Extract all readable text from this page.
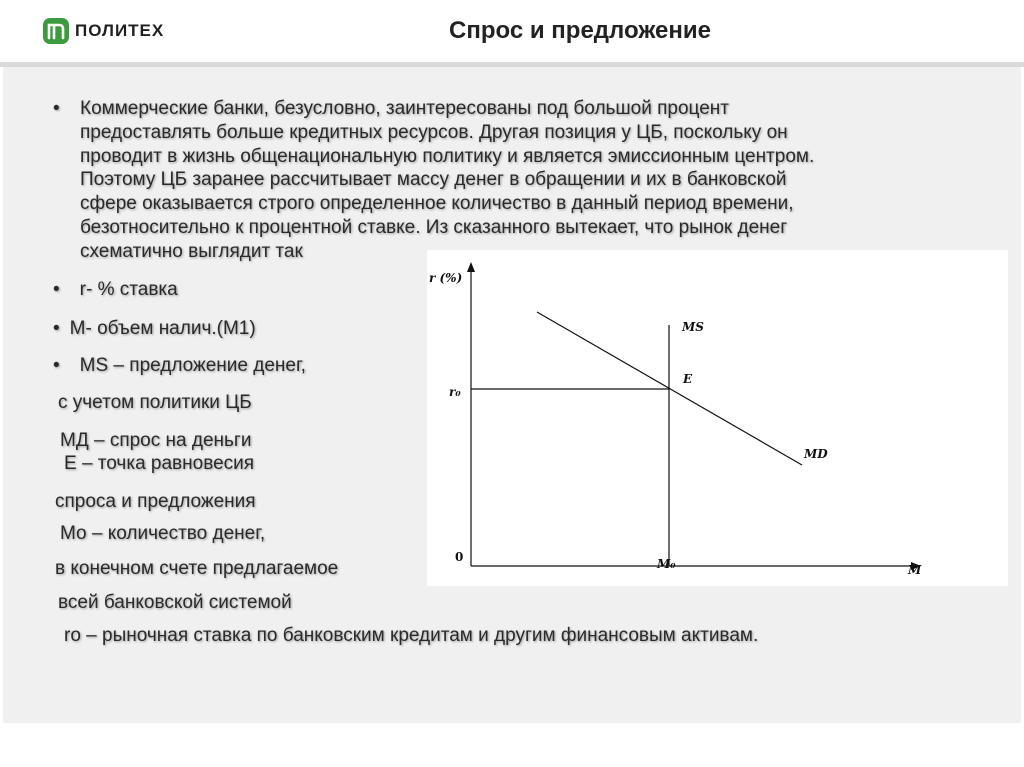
ПОЛИТЕХ	Спрос и предложение
•	Коммерческие банки, безусловно, заинтересованы под большой процент
предоставлять больше кредитных ресурсов. Другая позиция у ЦБ, поскольку он
проводит в жизнь общенациональную политику и является эмиссионным центром.
Поэтому ЦБ заранее рассчитывает массу денег в обращении и их в банковской
сфере оказывается строго определенное количество в данный период времени,
безотносительно к процентной ставке. Из сказанного вытекает, что рынок денег
схематично выглядит так
• r- % ставка
• М- объем налич.(М1)
• MS – предложение денег,
с учетом политики ЦБ
МД – спрос на деньги
Е – точка равновесия
спроса и предложения
Мо – количество денег,
в конечном счете предлагаемое
всей банковской системой
rо – рыночная ставка по банковским кредитам и другим финансовым активам.
r (%)
M
0
r₀
M₀
MS
MD
E
